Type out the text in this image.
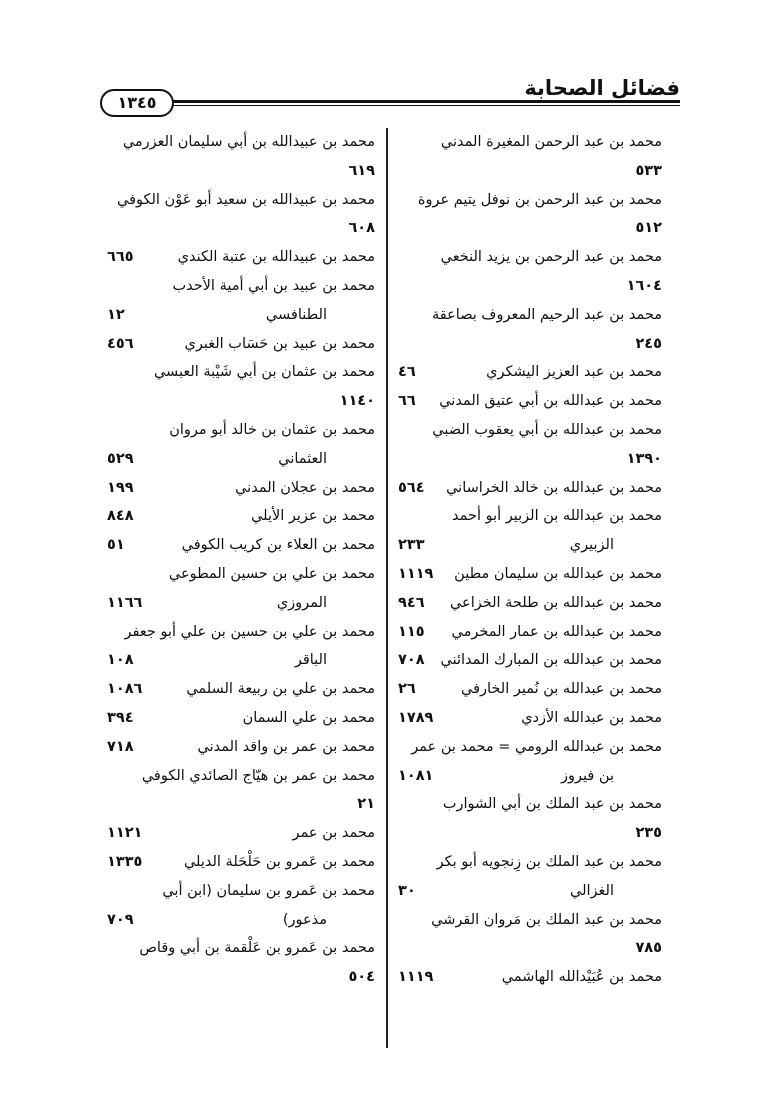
فضائل الصحابة
١٣٤٥
محمد بن عبد الرحمن المغيرة المدني
٥٣٣
محمد بن عبد الرحمن بن نوفل يتيم عروة
٥١٢
محمد بن عبد الرحمن بن يزيد النخعي
١٦٠٤
محمد بن عبد الرحيم المعروف بصاعقة
٢٤٥
محمد بن عبد العزيز اليشكري
٤٦
محمد بن عبدالله بن أبي عتيق المدني
٦٦
محمد بن عبدالله بن أبي يعقوب الضبي
١٣٩٠
محمد بن عبدالله بن خالد الخراساني
٥٦٤
محمد بن عبدالله بن الزبير أبو أحمد
الزبيري
٢٣٣
محمد بن عبدالله بن سليمان مطين
١١١٩
محمد بن عبدالله بن طلحة الخزاعي
٩٤٦
محمد بن عبدالله بن عمار المخرمي
١١٥
محمد بن عبدالله بن المبارك المدائني
٧٠٨
محمد بن عبدالله بن نُمير الخارفي
٢٦
محمد بن عبدالله الأزدي
١٧٨٩
محمد بن عبدالله الرومي = محمد بن عمر
بن فيروز
١٠٨١
محمد بن عبد الملك بن أبي الشوارب
٢٣٥
محمد بن عبد الملك بن زِنجويه أبو بكر
الغزالي
٣٠
محمد بن عبد الملك بن مَروان القرشي
٧٨٥
محمد بن عُبَيْدالله الهاشمي
١١١٩
محمد بن عبيدالله بن أبي سليمان العزرمي
٦١٩
محمد بن عبيدالله بن سعيد أبو عَوْن الكوفي
٦٠٨
محمد بن عبيدالله بن عتبة الكندي
٦٦٥
محمد بن عبيد بن أبي أمية الأحدب
الطنافسي
١٢
محمد بن عبيد بن حَسَاب الغبري
٤٥٦
محمد بن عثمان بن أبي شَيْبة العبسي
١١٤٠
محمد بن عثمان بن خالد أبو مروان
العثماني
٥٢٩
محمد بن عجلان المدني
١٩٩
محمد بن عزير الأيلي
٨٤٨
محمد بن العلاء بن كريب الكوفي
٥١
محمد بن علي بن حسين المطوعي
المروزي
١١٦٦
محمد بن علي بن حسين بن علي أبو جعفر
الباقر
١٠٨
محمد بن علي بن ربيعة السلمي
١٠٨٦
محمد بن علي السمان
٣٩٤
محمد بن عمر بن واقد المدني
٧١٨
محمد بن عمر بن هيّاج الصائدي الكوفي
٢١
محمد بن عمر
١١٢١
محمد بن عَمرو بن حَلْحَلة الديلي
١٣٣٥
محمد بن عَمرو بن سليمان (ابن أبي
مذعور)
٧٠٩
محمد بن عَمرو بن عَلْقمة بن أبي وقاص
٥٠٤
